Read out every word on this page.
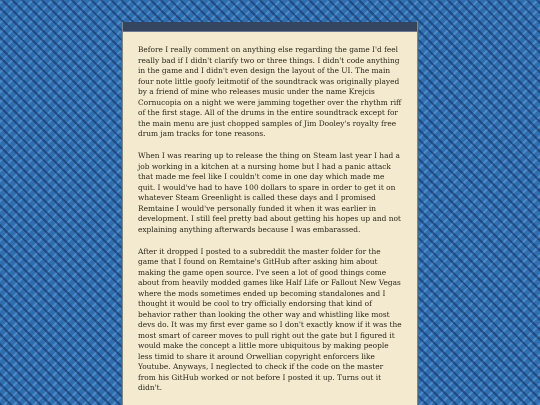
Before I really comment on anything else regarding the game I'd feel really bad if I didn't clarify two or three things. I didn't code anything in the game and I didn't even design the layout of the UI. The main four note little goofy leitmotif of the soundtrack was originally played by a friend of mine who releases music under the name Krejcis Cornucopia on a night we were jamming together over the rhythm riff of the first stage. All of the drums in the entire soundtrack except for the main menu are just chopped samples of Jim Dooley's royalty free drum jam tracks for tone reasons.

When I was rearing up to release the thing on Steam last year I had a job working in a kitchen at a nursing home but I had a panic attack that made me feel like I couldn't come in one day which made me quit. I would've had to have 100 dollars to spare in order to get it on whatever Steam Greenlight is called these days and I promised Remtaine I would've personally funded it when it was earlier in development. I still feel pretty bad about getting his hopes up and not explaining anything afterwards because I was embarassed.

After it dropped I posted to a subreddit the master folder for the game that I found on Remtaine's GitHub after asking him about making the game open source. I've seen a lot of good things come about from heavily modded games like Half Life or Fallout New Vegas where the mods sometimes ended up becoming standalones and I thought it would be cool to try officially endorsing that kind of behavior rather than looking the other way and whistling like most devs do. It was my first ever game so I don't exactly know if it was the most smart of career moves to pull right out the gate but I figured it would make the concept a little more ubiquitous by making people less timid to share it around Orwellian copyright enforcers like Youtube. Anyways, I neglected to check if the code on the master from his GitHub worked or not before I posted it up. Turns out it didn't.
